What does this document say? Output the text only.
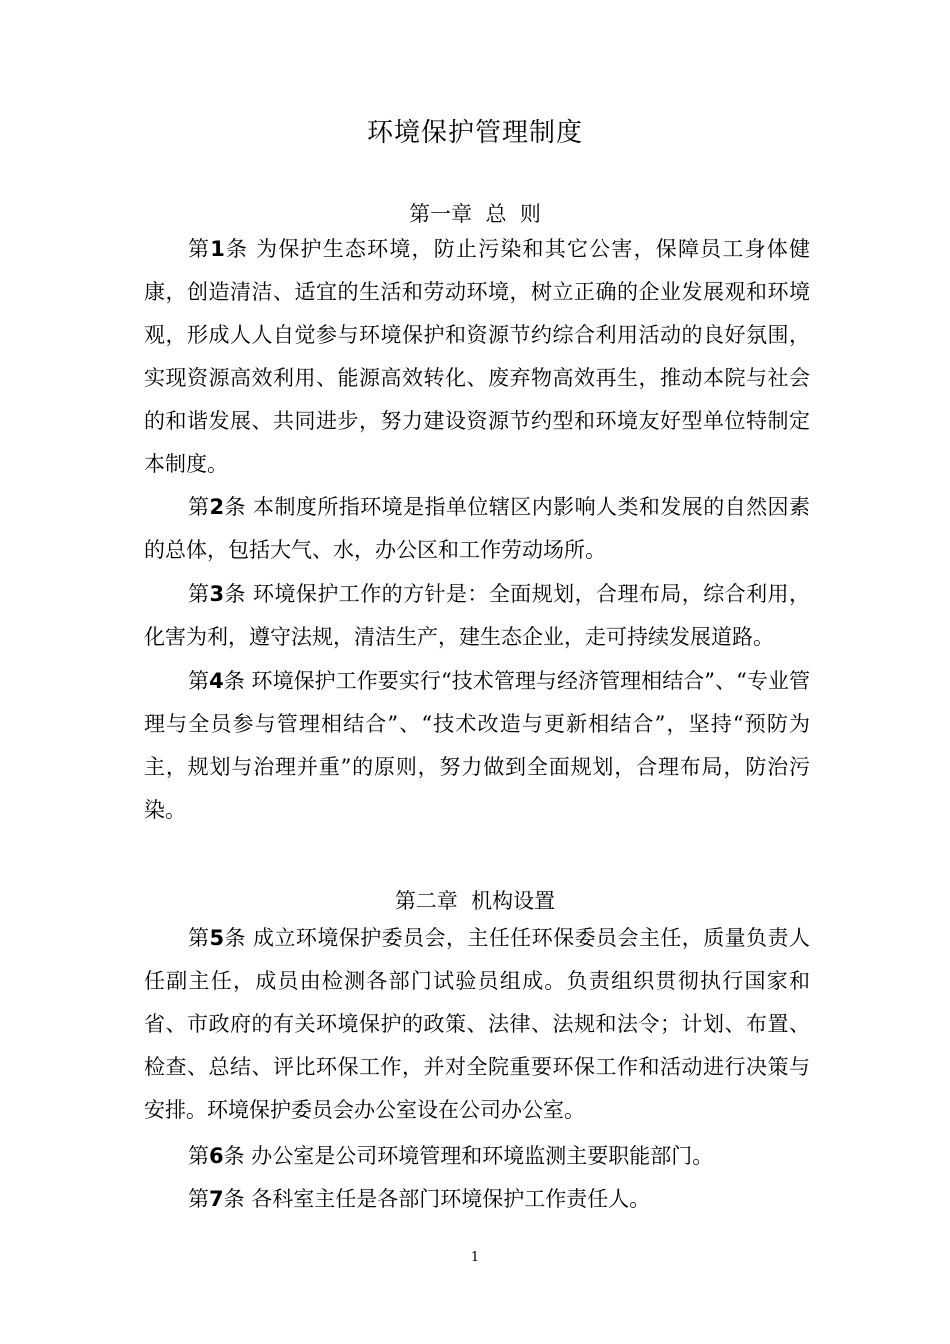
环境保护管理制度
第一章  总  则

第1条 为保护生态环境，防止污染和其它公害，保障员工身体健康，创造清洁、适宜的生活和劳动环境，树立正确的企业发展观和环境观，形成人人自觉参与环境保护和资源节约综合利用活动的良好氛围，实现资源高效利用、能源高效转化、废弃物高效再生，推动本院与社会的和谐发展、共同进步，努力建设资源节约型和环境友好型单位特制定本制度。

第2条 本制度所指环境是指单位辖区内影响人类和发展的自然因素的总体，包括大气、水，办公区和工作劳动场所。

第3条 环境保护工作的方针是：全面规划，合理布局，综合利用，化害为利，遵守法规，清洁生产，建生态企业，走可持续发展道路。

第4条 环境保护工作要实行“技术管理与经济管理相结合”、“专业管理与全员参与管理相结合”、“技术改造与更新相结合”，坚持“预防为主，规划与治理并重”的原则，努力做到全面规划，合理布局，防治污染。

第二章  机构设置

第5条 成立环境保护委员会，主任任环保委员会主任，质量负责人任副主任，成员由检测各部门试验员组成。负责组织贯彻执行国家和省、市政府的有关环境保护的政策、法律、法规和法令；计划、布置、检查、总结、评比环保工作，并对全院重要环保工作和活动进行决策与安排。环境保护委员会办公室设在公司办公室。

第6条 办公室是公司环境管理和环境监测主要职能部门。

第7条 各科室主任是各部门环境保护工作责任人。

1
